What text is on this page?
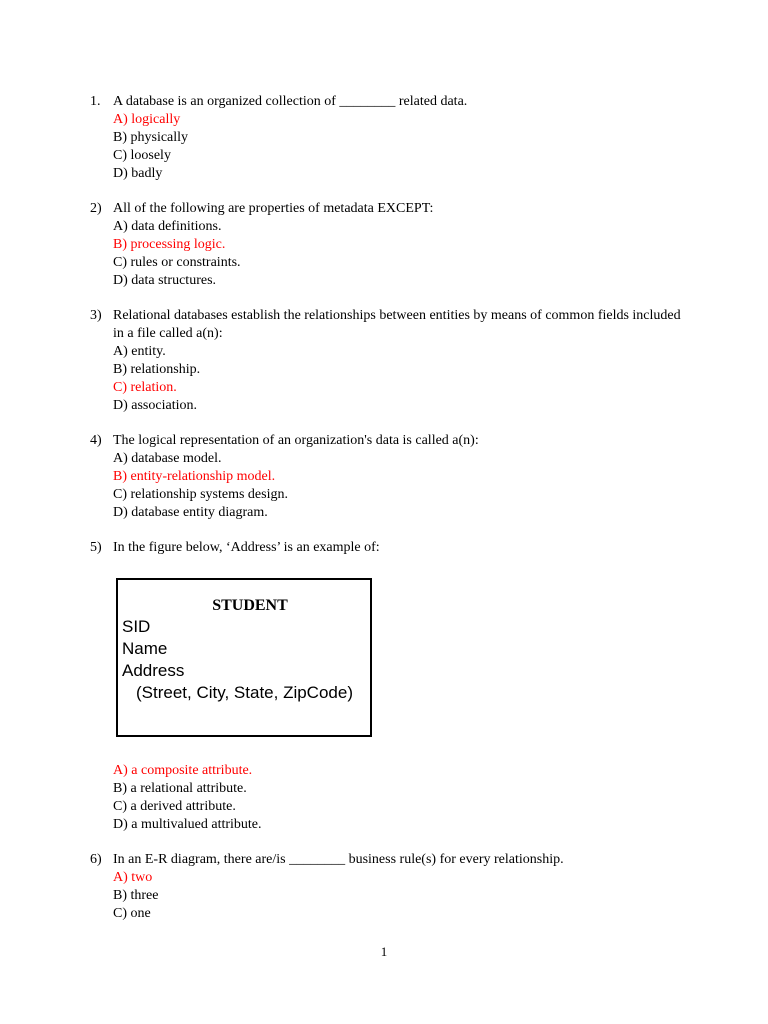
1. A database is an organized collection of ________ related data.
A) logically
B) physically
C) loosely
D) badly
2) All of the following are properties of metadata EXCEPT:
A) data definitions.
B) processing logic.
C) rules or constraints.
D) data structures.
3) Relational databases establish the relationships between entities by means of common fields included in a file called a(n):
A) entity.
B) relationship.
C) relation.
D) association.
4) The logical representation of an organization's data is called a(n):
A) database model.
B) entity-relationship model.
C) relationship systems design.
D) database entity diagram.
5) In the figure below, ‘Address’ is an example of:
STUDENT
SID
Name
Address
(Street, City, State, ZipCode)
A) a composite attribute.
B) a relational attribute.
C) a derived attribute.
D) a multivalued attribute.
6) In an E-R diagram, there are/is ________ business rule(s) for every relationship.
A) two
B) three
C) one
1
